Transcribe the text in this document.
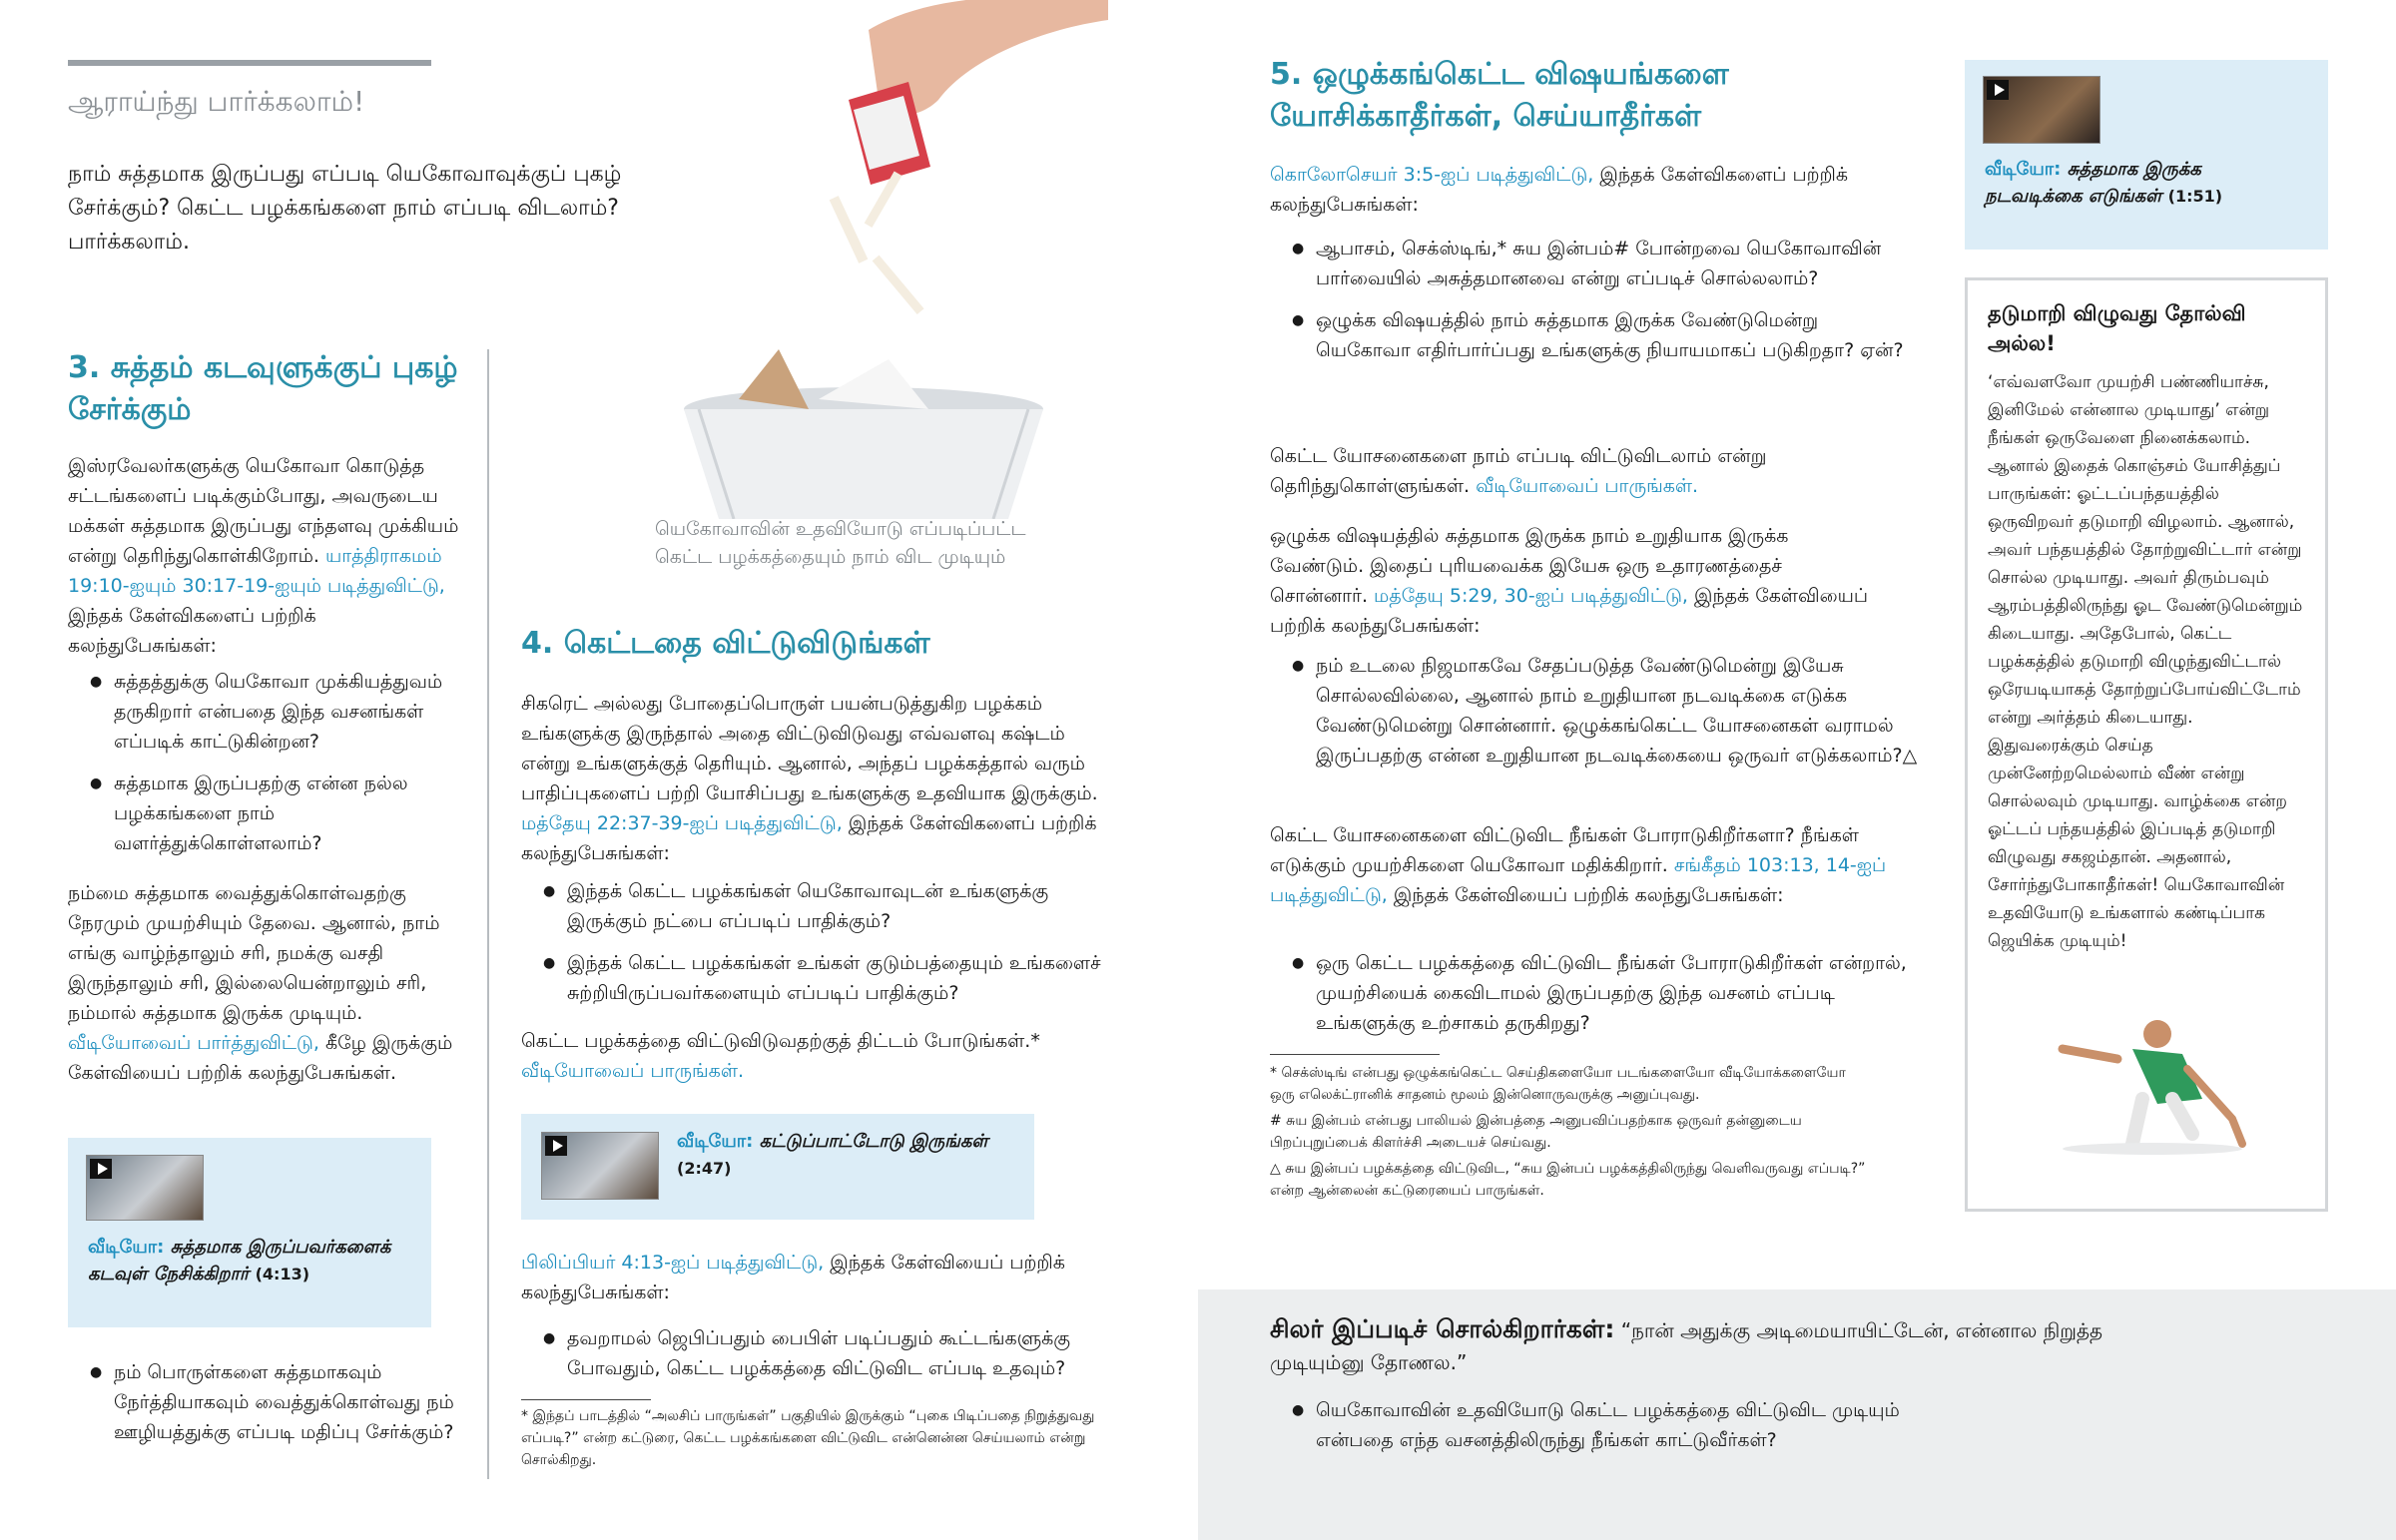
ஆராய்ந்து பார்க்கலாம்!

நாம் சுத்தமாக இருப்பது எப்படி யெகோவாவுக்குப் புகழ் சேர்க்கும்? கெட்ட பழக்கங்களை நாம் எப்படி விடலாம்? பார்க்கலாம்.

யெகோவாவின் உதவியோடு எப்படிப்பட்ட கெட்ட பழக்கத்தையும் நாம் விட முடியும்

3. சுத்தம் கடவுளுக்குப் புகழ் சேர்க்கும்

இஸ்ரவேலர்களுக்கு யெகோவா கொடுத்த சட்டங்களைப் படிக்கும்போது, அவருடைய மக்கள் சுத்தமாக இருப்பது எந்தளவு முக்கியம் என்று தெரிந்துகொள்கிறோம். யாத்திராகமம் 19:10-ஐயும் 30:17-19-ஐயும் படித்துவிட்டு, இந்தக் கேள்விகளைப் பற்றிக் கலந்துபேசுங்கள்:

● சுத்தத்துக்கு யெகோவா முக்கியத்துவம் தருகிறார் என்பதை இந்த வசனங்கள் எப்படிக் காட்டுகின்றன?
● சுத்தமாக இருப்பதற்கு என்ன நல்ல பழக்கங்களை நாம் வளர்த்துக்கொள்ளலாம்?

நம்மை சுத்தமாக வைத்துக்கொள்வதற்கு நேரமும் முயற்சியும் தேவை. ஆனால், நாம் எங்கு வாழ்ந்தாலும் சரி, நமக்கு வசதி இருந்தாலும் சரி, இல்லையென்றாலும் சரி, நம்மால் சுத்தமாக இருக்க முடியும். வீடியோவைப் பார்த்துவிட்டு, கீழே இருக்கும் கேள்வியைப் பற்றிக் கலந்துபேசுங்கள்.

வீடியோ: சுத்தமாக இருப்பவர்களைக் கடவுள் நேசிக்கிறார் (4:13)
● நம் பொருள்களை சுத்தமாகவும் நேர்த்தியாகவும் வைத்துக்கொள்வது நம் ஊழியத்துக்கு எப்படி மதிப்பு சேர்க்கும்?
4. கெட்டதை விட்டுவிடுங்கள்

சிகரெட் அல்லது போதைப்பொருள் பயன்படுத்துகிற பழக்கம் உங்களுக்கு இருந்தால் அதை விட்டுவிடுவது எவ்வளவு கஷ்டம் என்று உங்களுக்குத் தெரியும். ஆனால், அந்தப் பழக்கத்தால் வரும் பாதிப்புகளைப் பற்றி யோசிப்பது உங்களுக்கு உதவியாக இருக்கும். மத்தேயு 22:37-39-ஐப் படித்துவிட்டு, இந்தக் கேள்விகளைப் பற்றிக் கலந்துபேசுங்கள்:

● இந்தக் கெட்ட பழக்கங்கள் யெகோவாவுடன் உங்களுக்கு இருக்கும் நட்பை எப்படிப் பாதிக்கும்?
● இந்தக் கெட்ட பழக்கங்கள் உங்கள் குடும்பத்தையும் உங்களைச் சுற்றியிருப்பவர்களையும் எப்படிப் பாதிக்கும்?

கெட்ட பழக்கத்தை விட்டுவிடுவதற்குத் திட்டம் போடுங்கள்.*
வீடியோவைப் பாருங்கள்.

வீடியோ: கட்டுப்பாட்டோடு இருங்கள்
(2:47)

பிலிப்பியர் 4:13-ஐப் படித்துவிட்டு, இந்தக் கேள்வியைப் பற்றிக் கலந்துபேசுங்கள்:

● தவறாமல் ஜெபிப்பதும் பைபிள் படிப்பதும் கூட்டங்களுக்கு போவதும், கெட்ட பழக்கத்தை விட்டுவிட எப்படி உதவும்?

* இந்தப் பாடத்தில் “அலசிப் பாருங்கள்” பகுதியில் இருக்கும் “புகை பிடிப்பதை நிறுத்துவது எப்படி?” என்ற கட்டுரை, கெட்ட பழக்கங்களை விட்டுவிட என்னென்ன செய்யலாம் என்று சொல்கிறது.

5. ஒழுக்கங்கெட்ட விஷயங்களை யோசிக்காதீர்கள், செய்யாதீர்கள்

கொலோசெயர் 3:5-ஐப் படித்துவிட்டு, இந்தக் கேள்விகளைப் பற்றிக் கலந்துபேசுங்கள்:

● ஆபாசம், செக்ஸ்டிங்,* சுய இன்பம்# போன்றவை யெகோவாவின் பார்வையில் அசுத்தமானவை என்று எப்படிச் சொல்லலாம்?
● ஒழுக்க விஷயத்தில் நாம் சுத்தமாக இருக்க வேண்டுமென்று யெகோவா எதிர்பார்ப்பது உங்களுக்கு நியாயமாகப் படுகிறதா? ஏன்?

கெட்ட யோசனைகளை நாம் எப்படி விட்டுவிடலாம் என்று தெரிந்துகொள்ளுங்கள். வீடியோவைப் பாருங்கள்.

ஒழுக்க விஷயத்தில் சுத்தமாக இருக்க நாம் உறுதியாக இருக்க வேண்டும். இதைப் புரியவைக்க இயேசு ஒரு உதாரணத்தைச் சொன்னார். மத்தேயு 5:29, 30-ஐப் படித்துவிட்டு, இந்தக் கேள்வியைப் பற்றிக் கலந்துபேசுங்கள்:

● நம் உடலை நிஜமாகவே சேதப்படுத்த வேண்டுமென்று இயேசு சொல்லவில்லை, ஆனால் நாம் உறுதியான நடவடிக்கை எடுக்க வேண்டுமென்று சொன்னார். ஒழுக்கங்கெட்ட யோசனைகள் வராமல் இருப்பதற்கு என்ன உறுதியான நடவடிக்கையை ஒருவர் எடுக்கலாம்?△

கெட்ட யோசனைகளை விட்டுவிட நீங்கள் போராடுகிறீர்களா? நீங்கள் எடுக்கும் முயற்சிகளை யெகோவா மதிக்கிறார். சங்கீதம் 103:13, 14-ஐப் படித்துவிட்டு, இந்தக் கேள்வியைப் பற்றிக் கலந்துபேசுங்கள்:

● ஒரு கெட்ட பழக்கத்தை விட்டுவிட நீங்கள் போராடுகிறீர்கள் என்றால், முயற்சியைக் கைவிடாமல் இருப்பதற்கு இந்த வசனம் எப்படி உங்களுக்கு உற்சாகம் தருகிறது?

* செக்ஸ்டிங் என்பது ஒழுக்கங்கெட்ட செய்திகளையோ படங்களையோ வீடியோக்களையோ ஒரு எலெக்ட்ரானிக் சாதனம் மூலம் இன்னொருவருக்கு அனுப்புவது.

# சுய இன்பம் என்பது பாலியல் இன்பத்தை அனுபவிப்பதற்காக ஒருவர் தன்னுடைய பிறப்புறுப்பைக் கிளர்ச்சி அடையச் செய்வது.

△ சுய இன்பப் பழக்கத்தை விட்டுவிட, “சுய இன்பப் பழக்கத்திலிருந்து வெளிவருவது எப்படி?” என்ற ஆன்லைன் கட்டுரையைப் பாருங்கள்.

வீடியோ: சுத்தமாக இருக்க நடவடிக்கை எடுங்கள் (1:51)
தடுமாறி விழுவது தோல்வி அல்ல!

‘எவ்வளவோ முயற்சி பண்ணியாச்சு, இனிமேல் என்னால முடியாது’ என்று நீங்கள் ஒருவேளை நினைக்கலாம். ஆனால் இதைக் கொஞ்சம் யோசித்துப் பாருங்கள்: ஓட்டப்பந்தயத்தில் ஒருவிறவர் தடுமாறி விழலாம். ஆனால், அவர் பந்தயத்தில் தோற்றுவிட்டார் என்று சொல்ல முடியாது. அவர் திரும்பவும் ஆரம்பத்திலிருந்து ஓட வேண்டுமென்றும் கிடையாது. அதேபோல், கெட்ட பழக்கத்தில் தடுமாறி விழுந்துவிட்டால் ஒரேயடியாகத் தோற்றுப்போய்விட்டோம் என்று அர்த்தம் கிடையாது. இதுவரைக்கும் செய்த முன்னேற்றமெல்லாம் வீண் என்று சொல்லவும் முடியாது. வாழ்க்கை என்ற ஓட்டப் பந்தயத்தில் இப்படித் தடுமாறி விழுவது சகஜம்தான். அதனால், சோர்ந்துபோகாதீர்கள்! யெகோவாவின் உதவியோடு உங்களால் கண்டிப்பாக ஜெயிக்க முடியும்!

சிலர் இப்படிச் சொல்கிறார்கள்: “நான் அதுக்கு அடிமையாயிட்டேன், என்னால நிறுத்த முடியும்னு தோணல.”
● யெகோவாவின் உதவியோடு கெட்ட பழக்கத்தை விட்டுவிட முடியும் என்பதை எந்த வசனத்திலிருந்து நீங்கள் காட்டுவீர்கள்?
